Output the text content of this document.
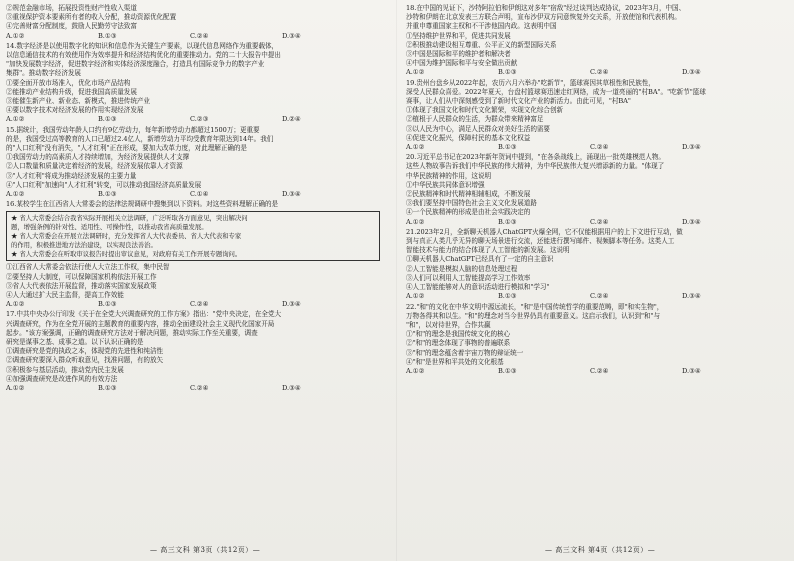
②规范金融市场，拓展投资性财产性收入渠道
③重视保护资本要素所有者的收入分配，推动资源优化配置
④完善财富分配制度，鼓励人民勤劳守法致富
A.①②	B.①③	C.②④	D.③④
14.数字经济是以使用数字化的知识和信息作为关键生产要素，以现代信息网络作为重要载体，
以信息通信技术的有效使用作为效率提升和经济结构优化的重要推动力。党的二十大报告中提出
"加快发展数字经济，促进数字经济和实体经济深度融合，打造具有国际竞争力的数字产业
集群"。推动数字经济发展
①要全面开放市场准入，优化市场产品结构
②能推动产业结构升级，促进我国高质量发展
③能催生新产业、新业态、新模式，推进传统产业
④要以数字技术对经济发展的作用实现经济发展
A.①②	B.①③	C.②③	D.②④
15.据统计，我国劳动年龄人口约有9亿劳动力，每年新增劳动力都超过1500万；更重要
的是，我国受过高等教育的人口已超过2.4亿人，新增劳动力平均受教育年限达到14年。我们
的"人口红利"没有消失，"人才红利"正在形成，要加大改革力度，对此理解正确的是
①我国劳动力的高素质人才持续增加，为经济发展提供人才支撑
②人口数量和质量决定着经济的发展，经济发展依靠人才资源
③"人才红利"将成为推动经济发展的主要力量
④"人口红利"加速向"人才红利"转变，可以推动我国经济高质量发展
A.①②	B.①③	C.①④	D.③④
16.某校学生在江西省人大常委会的法律法规调研中搜集到以下资料。对这些资料理解正确的是
★ 省人大常委会结合我省实际开展相关立法调研，广泛听取各方面意见，突出解决问
题，增强条例的针对性、适用性、可操作性，以推动我省高质量发展。
★ 省人大常委会在开展立法调研时，充分发挥省人大代表委员、省人大代表和专家
的作用，积极推进地方法治建设，以实现良法善治。
★ 省人大常委会在听取审议报告时提出审议意见，对政府有关工作开展专题询问。
①江西省人大常委会依法行使人大立法工作权，集中民智
②要坚持人大制度，可以保障国家机构依法开展工作
③省人大代表依法开展监督，推动落实国家发展政策
④人大通过扩大民主监督，提高工作效能
A.①②	B.①③	C.②④	D.③④
17.中共中央办公厅印发《关于在全党大兴调查研究的工作方案》指出："党中央决定，在全党大
兴调查研究，作为在全党开展的主题教育的重要内容，推动全面建设社会主义现代化国家开局
起步。"该方案强调，正确的调查研究方法对于解决问题，推动实际工作至关重要，调查
研究是谋事之基、成事之道。以下认识正确的是
①调查研究是党的执政之本，体现党的先进性和纯洁性
②调查研究要深入群众听取意见，找准问题，有的放矢
③积极参与基层活动，推动党内民主发展
④加强调查研究是改进作风的有效方法
A.①②	B.①③	C.②④	D.③④
— 高三文科 第3页（共12页）—
18.在中国的见证下，沙特阿拉伯和伊朗这对多年"宿敌"经过谈判达成协议，2023年3月，中国、
沙特和伊朗在北京发表三方联合声明，宣布沙伊双方同意恢复外交关系，开放使馆和代表机构。
并重申尊重国家主权和不干涉他国内政。这表明中国
①坚持维护世界和平，促进共同发展
②积极推动建设相互尊重、公平正义的新型国际关系
③中国是国际和平的维护者和解决者
④中国为维护国际和平与安全做出贡献
A.①②	B.①③	C.②④	D.③④
19.贵州台盘乡从2022年起，农历六月六举办"吃新节"，篮球赛因其草根性和民族性，
深受人民群众喜爱。2022年夏天，台盘村篮球赛迅速走红网络，成为一道亮丽的"村BA"。"吃新节"篮球
赛事，让人们从中深刻感受到了新时代文化产业的新活力。由此可见，"村BA"
①体现了我国文化和时代文化繁荣，实现文化综合创新
②植根于人民群众的生活，为群众带来精神富足
③以人民为中心，满足人民群众对美好生活的需要
④促进文化振兴，保障村民的基本文化权益
A.①②	B.①③	C.②④	D.③④
20.习近平总书记在2023年新年贺词中提到，"在各条战线上，涌现出一批英雄模范人物。
这些人物故事告诉我们中华民族的伟大精神，为中华民族伟大复兴增添新的力量。"体现了
中华民族精神的作用，这说明
①中华民族共同体意识增强
②民族精神和时代精神相辅相成，不断发展
③我们要坚持中国特色社会主义文化发展道路
④一个民族精神的形成是由社会实践决定的
A.①②	B.①③	C.②④	D.③④
21.2023年2月，全新聊天机器人ChatGPT火爆全网，它不仅能根据用户的上下文进行互动，做
到与真正人类几乎无异的聊天场景进行交流，还能进行撰写邮件、视频脚本等任务。这类人工
智能技术与能力的结合体现了人工智能的新发展。这说明
①聊天机器人ChatGPT已经具有了一定的自主意识
②人工智能是模拟人脑的信息处理过程
③人们可以利用人工智能提高学习工作效率
④人工智能能够对人的意识活动进行模拟和"学习"
A.①②	B.①③	C.②④	D.③④
22."和"的文化在中华文明中源远流长，"和"是中国传统哲学的重要范畴，即"和实生物"，
万物各得其和以生。"和"的理念对当今世界仍具有重要意义。这启示我们，认识到"和"与
"和"，以对待世界，合作共赢
①"和"的理念是我国传统文化的核心
②"和"的理念体现了事物的普遍联系
③"和"的理念蕴含着宇宙万物的辩证统一
④"和"是世界和平共处的文化根基
A.①②	B.①③	C.②④	D.③④
— 高三文科 第4页（共12页）—
